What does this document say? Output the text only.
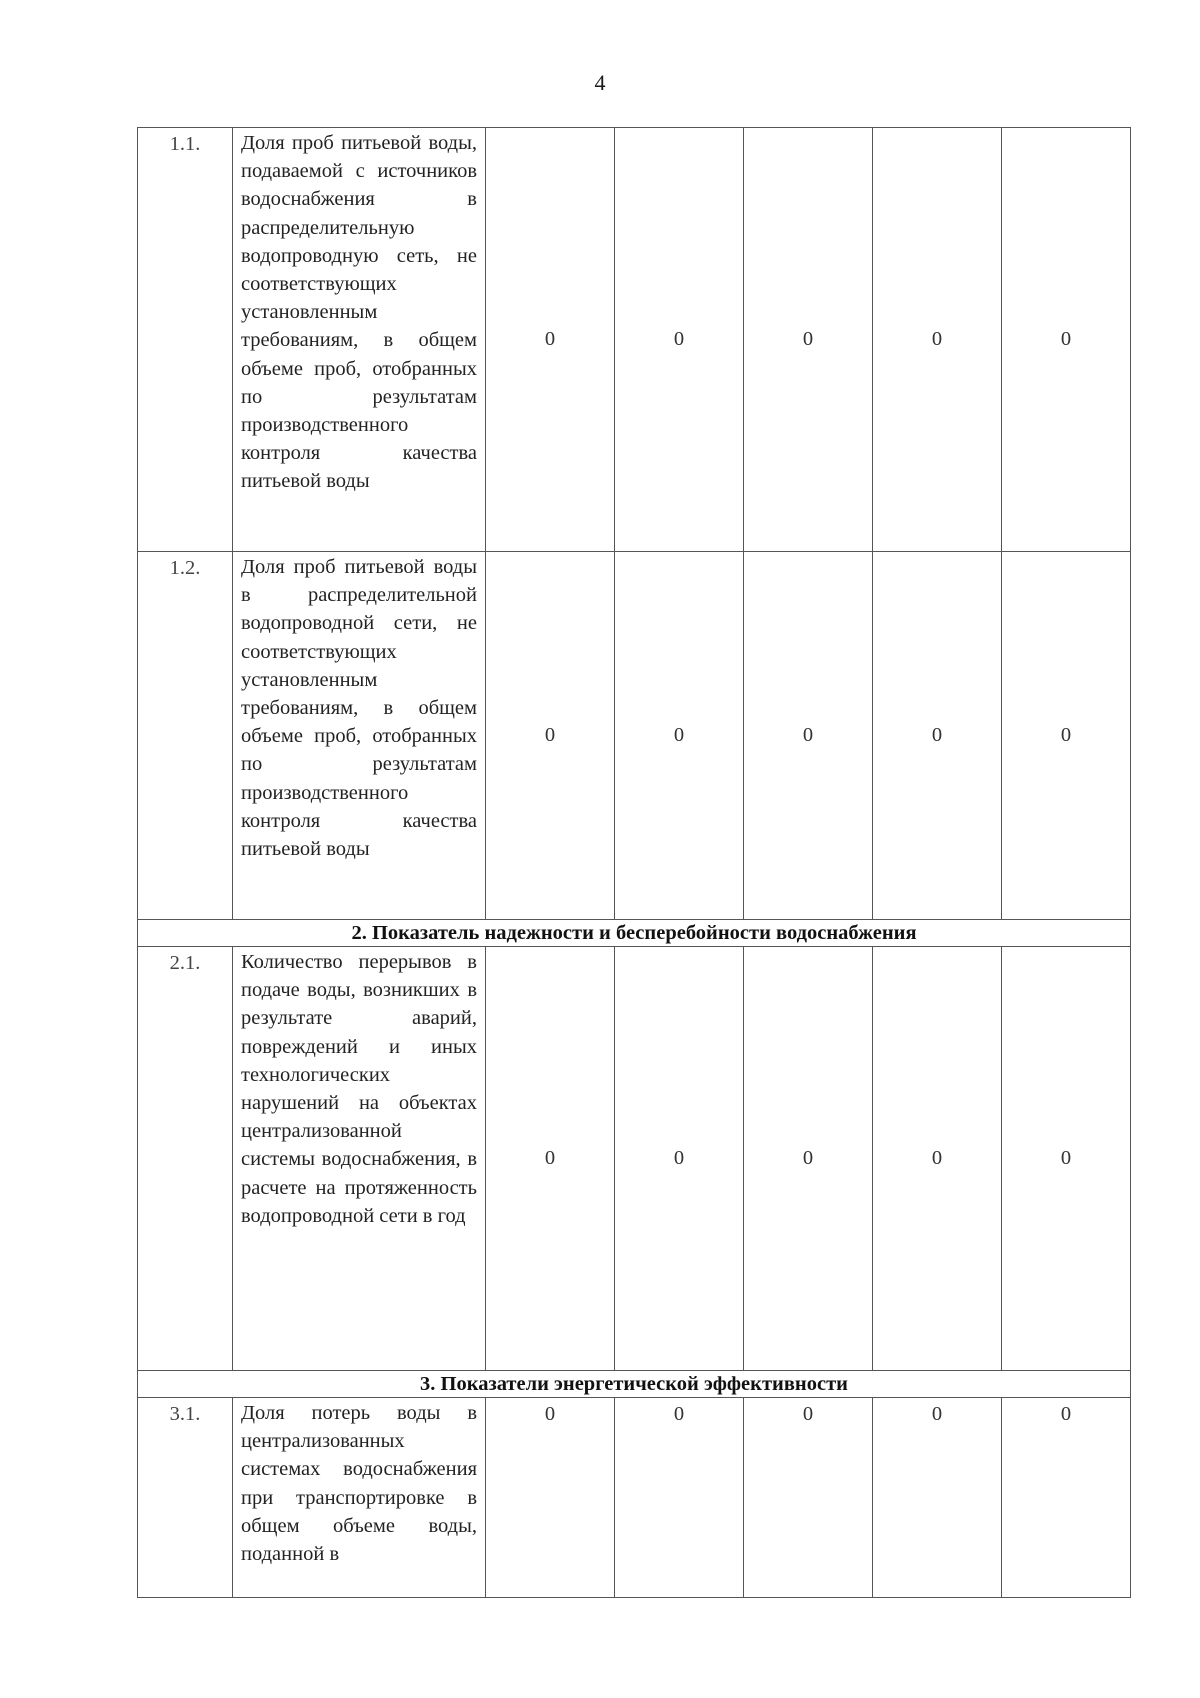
4
1.1.	Доля проб питьевой воды, подаваемой с источников водоснабжения в распределительную водопроводную сеть, не соответствующих установленным требованиям, в общем объеме проб, отобранных по результатам производственного контроля качества питьевой воды	0	0	0	0	0
1.2.	Доля проб питьевой воды в распределительной водопроводной сети, не соответствующих установленным требованиям, в общем объеме проб, отобранных по результатам производственного контроля качества питьевой воды	0	0	0	0	0
2. Показатель надежности и бесперебойности водоснабжения						
2.1.	Количество перерывов в подаче воды, возникших в результате аварий, повреждений и иных технологических нарушений на объектах централизованной системы водоснабжения, в расчете на протяженность водопроводной сети в год	0	0	0	0	0
3. Показатели энергетической эффективности						
3.1.	Доля потерь воды в централизованных системах водоснабжения при транспортировке в общем объеме воды, поданной в	0	0	0	0	0
